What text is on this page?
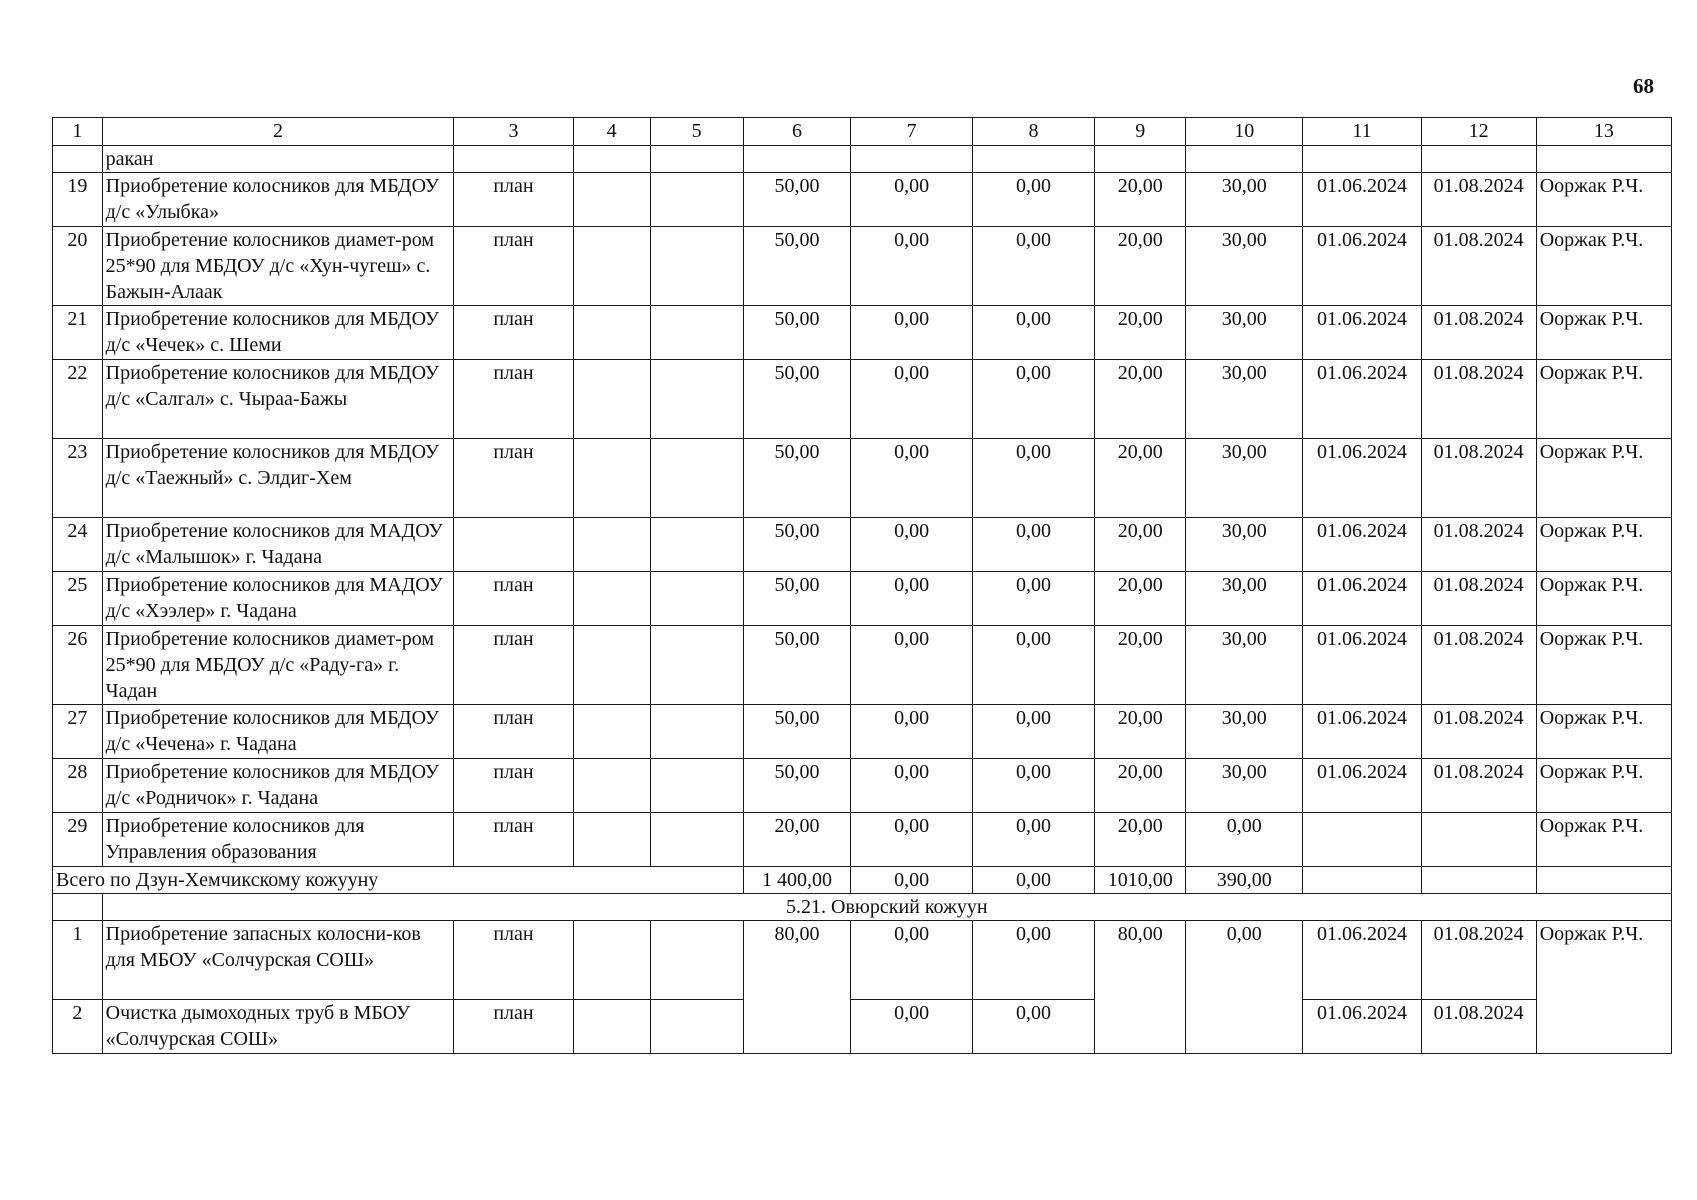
68
1	2	3	4	5	6	7	8	9	10	11	12	13
	ракан											
19	Приобретение колосников для МБДОУ д/с «Улыбка»	план			50,00	0,00	0,00	20,00	30,00	01.06.2024	01.08.2024	Ооржак Р.Ч.
20	Приобретение колосников диамет-ром 25*90 для МБДОУ д/с «Хун-чугеш» с. Бажын-Алаак	план			50,00	0,00	0,00	20,00	30,00	01.06.2024	01.08.2024	Ооржак Р.Ч.
21	Приобретение колосников для МБДОУ д/с «Чечек» с. Шеми	план			50,00	0,00	0,00	20,00	30,00	01.06.2024	01.08.2024	Ооржак Р.Ч.
22	Приобретение колосников для МБДОУ д/с «Салгал» с. Чыраа-Бажы	план			50,00	0,00	0,00	20,00	30,00	01.06.2024	01.08.2024	Ооржак Р.Ч.
23	Приобретение колосников для МБДОУ д/с «Таежный» с. Элдиг-Хем	план			50,00	0,00	0,00	20,00	30,00	01.06.2024	01.08.2024	Ооржак Р.Ч.
24	Приобретение колосников для МАДОУ д/с «Малышок» г. Чадана				50,00	0,00	0,00	20,00	30,00	01.06.2024	01.08.2024	Ооржак Р.Ч.
25	Приобретение колосников для МАДОУ д/с «Хээлер» г. Чадана	план			50,00	0,00	0,00	20,00	30,00	01.06.2024	01.08.2024	Ооржак Р.Ч.
26	Приобретение колосников диамет-ром 25*90 для МБДОУ д/с «Раду-га» г. Чадан	план			50,00	0,00	0,00	20,00	30,00	01.06.2024	01.08.2024	Ооржак Р.Ч.
27	Приобретение колосников для МБДОУ д/с «Чечена» г. Чадана	план			50,00	0,00	0,00	20,00	30,00	01.06.2024	01.08.2024	Ооржак Р.Ч.
28	Приобретение колосников для МБДОУ д/с «Родничок» г. Чадана	план			50,00	0,00	0,00	20,00	30,00	01.06.2024	01.08.2024	Ооржак Р.Ч.
29	Приобретение колосников для Управления образования	план			20,00	0,00	0,00	20,00	0,00			Ооржак Р.Ч.
Всего по Дзун-Хемчикскому кожууну					1 400,00	0,00	0,00	1010,00	390,00			
	5.21. Овюрский кожуун											
1	Приобретение запасных колосни-ков для МБОУ «Солчурская СОШ»	план			80,00	0,00	0,00	80,00	0,00	01.06.2024	01.08.2024	Ооржак Р.Ч.
2	Очистка дымоходных труб в МБОУ «Солчурская СОШ»	план				0,00	0,00			01.06.2024	01.08.2024	
